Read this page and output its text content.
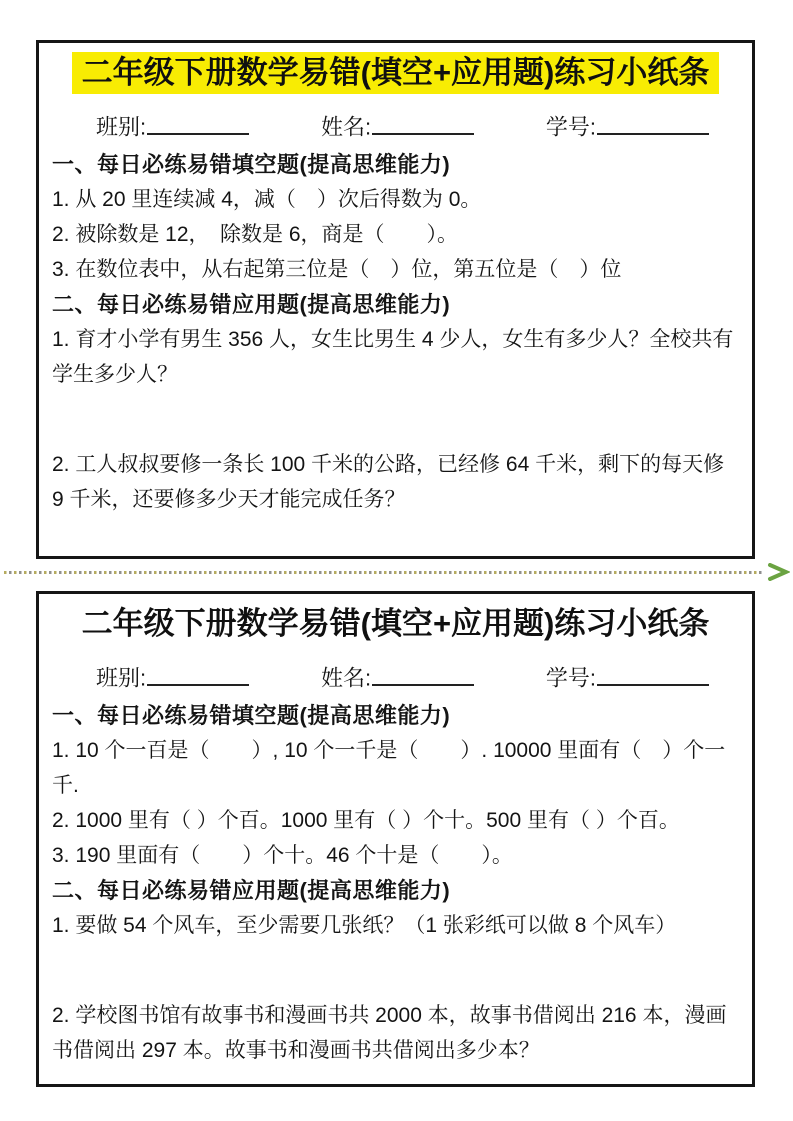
二年级下册数学易错(填空+应用题)练习小纸条
班别:	姓名:	学号:
一、每日必练易错填空题(提高思维能力)

1. 从 20 里连续减 4，减（　）次后得数为 0。

2. 被除数是 12，　除数是 6，商是（　　）。

3. 在数位表中，从右起第三位是（　）位，第五位是（　）位

二、每日必练易错应用题(提高思维能力)

1. 育才小学有男生 356 人，女生比男生 4 少人，女生有多少人？全校共有学生多少人？

2. 工人叔叔要修一条长 100 千米的公路，已经修 64 千米，剩下的每天修 9 千米，还要修多少天才能完成任务？

二年级下册数学易错(填空+应用题)练习小纸条
班别:	姓名:	学号:
一、每日必练易错填空题(提高思维能力)

1. 10 个一百是（　　）, 10 个一千是（　　）. 10000 里面有（　）个一千.

2. 1000 里有（ ）个百。1000 里有（ ）个十。500 里有（ ）个百。

3. 190 里面有（　　）个十。46 个十是（　　）。

二、每日必练易错应用题(提高思维能力)

1. 要做 54 个风车，至少需要几张纸？（1 张彩纸可以做 8 个风车）

2. 学校图书馆有故事书和漫画书共 2000 本，故事书借阅出 216 本，漫画书借阅出 297 本。故事书和漫画书共借阅出多少本？
